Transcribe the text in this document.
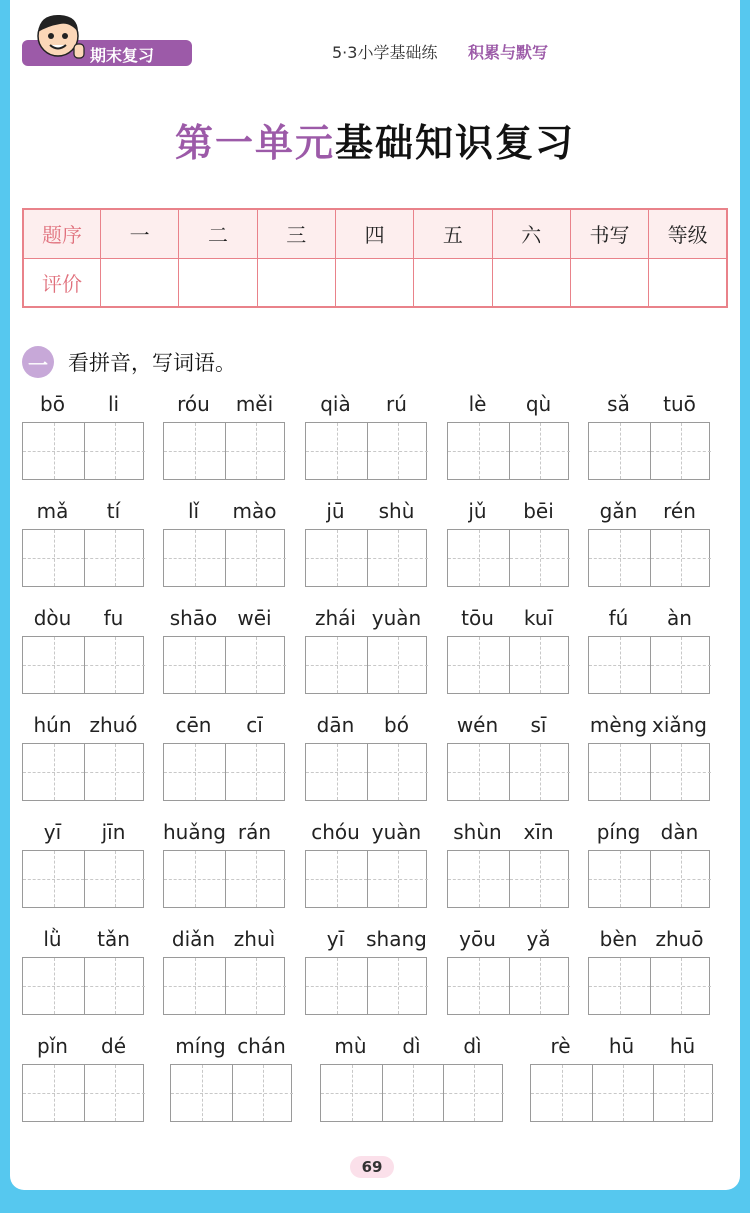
期末复习	5·3小学基础练 积累与默写
第一单元基础知识复习
题序	一	二	三	四	五	六	书写	等级
评价								
一 看拼音，写词语。
bō	li	róu	měi	qià	rú	lè	qù	sǎ	tuō
mǎ	tí	lǐ	mào	jū	shù	jǔ	bēi	gǎn	rén
dòu	fu	shāo	wēi	zhái yuàn	tōu	kuī	fú	àn
hún zhuó	cēn	cī	dān	bó	wén	sī	mèng xiǎng
yī	jīn	huǎng rán	chóu yuàn	shùn	xīn	píng	dàn
lǜ	tǎn	diǎn zhuì	yī	shang	yōu	yǎ	bèn zhuō
pǐn	dé	míng chán	mù	dì	dì	rè	hū	hū
69
